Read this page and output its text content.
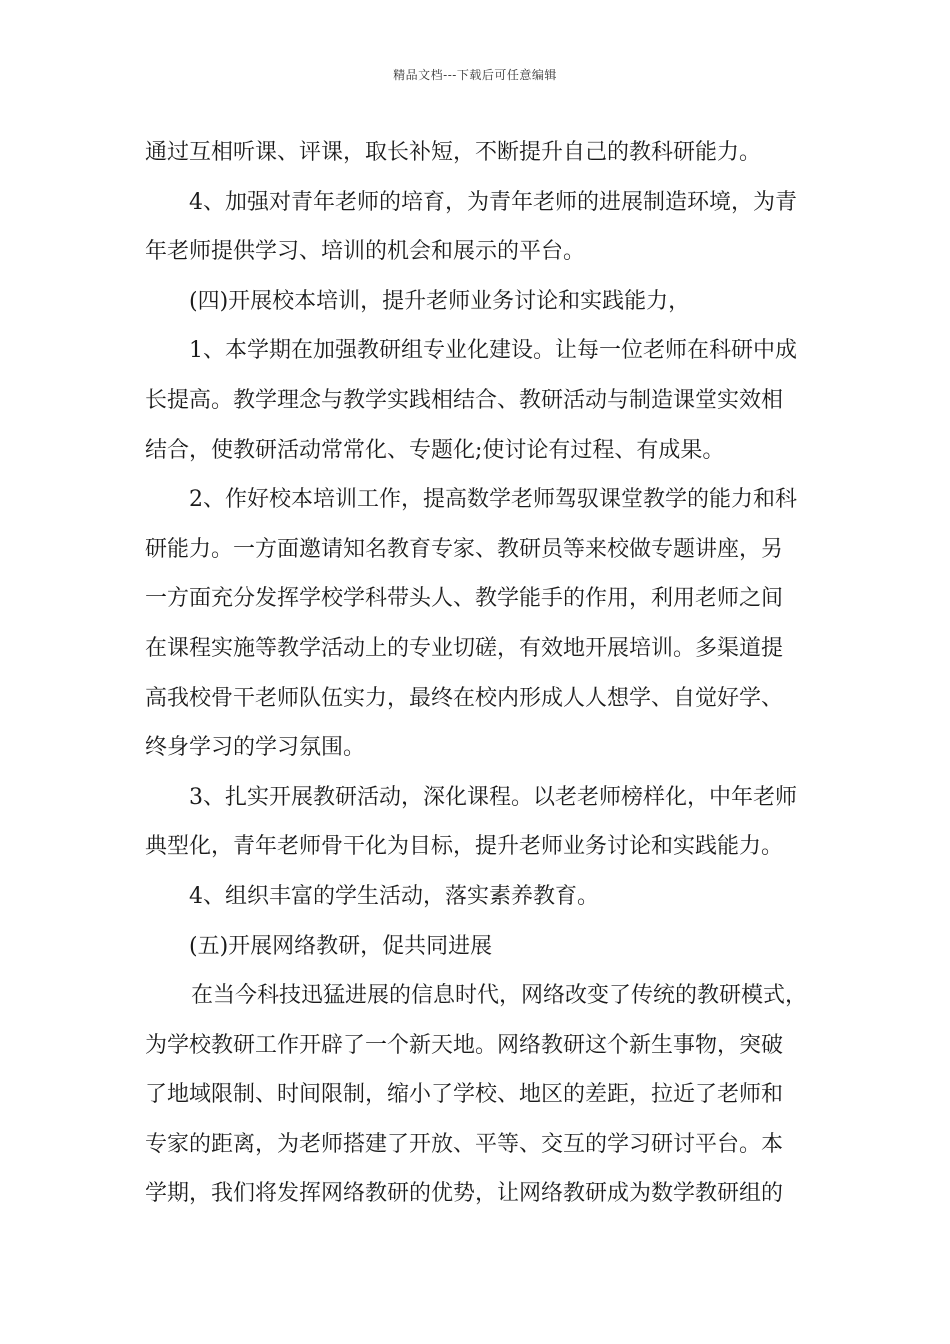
精品文档---下载后可任意编辑
通过互相听课、评课，取长补短，不断提升自己的教科研能力。
4、加强对青年老师的培育，为青年老师的进展制造环境，为青
年老师提供学习、培训的机会和展示的平台。
(四)开展校本培训，提升老师业务讨论和实践能力，
1、本学期在加强教研组专业化建设。让每一位老师在科研中成
长提高。教学理念与教学实践相结合、教研活动与制造课堂实效相
结合，使教研活动常常化、专题化;使讨论有过程、有成果。
2、作好校本培训工作，提高数学老师驾驭课堂教学的能力和科
研能力。一方面邀请知名教育专家、教研员等来校做专题讲座，另
一方面充分发挥学校学科带头人、教学能手的作用，利用老师之间
在课程实施等教学活动上的专业切磋，有效地开展培训。多渠道提
高我校骨干老师队伍实力，最终在校内形成人人想学、自觉好学、
终身学习的学习氛围。
3、扎实开展教研活动，深化课程。以老老师榜样化，中年老师
典型化，青年老师骨干化为目标，提升老师业务讨论和实践能力。
4、组织丰富的学生活动，落实素养教育。
(五)开展网络教研，促共同进展
在当今科技迅猛进展的信息时代，网络改变了传统的教研模式，
为学校教研工作开辟了一个新天地。网络教研这个新生事物，突破
了地域限制、时间限制，缩小了学校、地区的差距，拉近了老师和
专家的距离，为老师搭建了开放、平等、交互的学习研讨平台。本
学期，我们将发挥网络教研的优势，让网络教研成为数学教研组的
